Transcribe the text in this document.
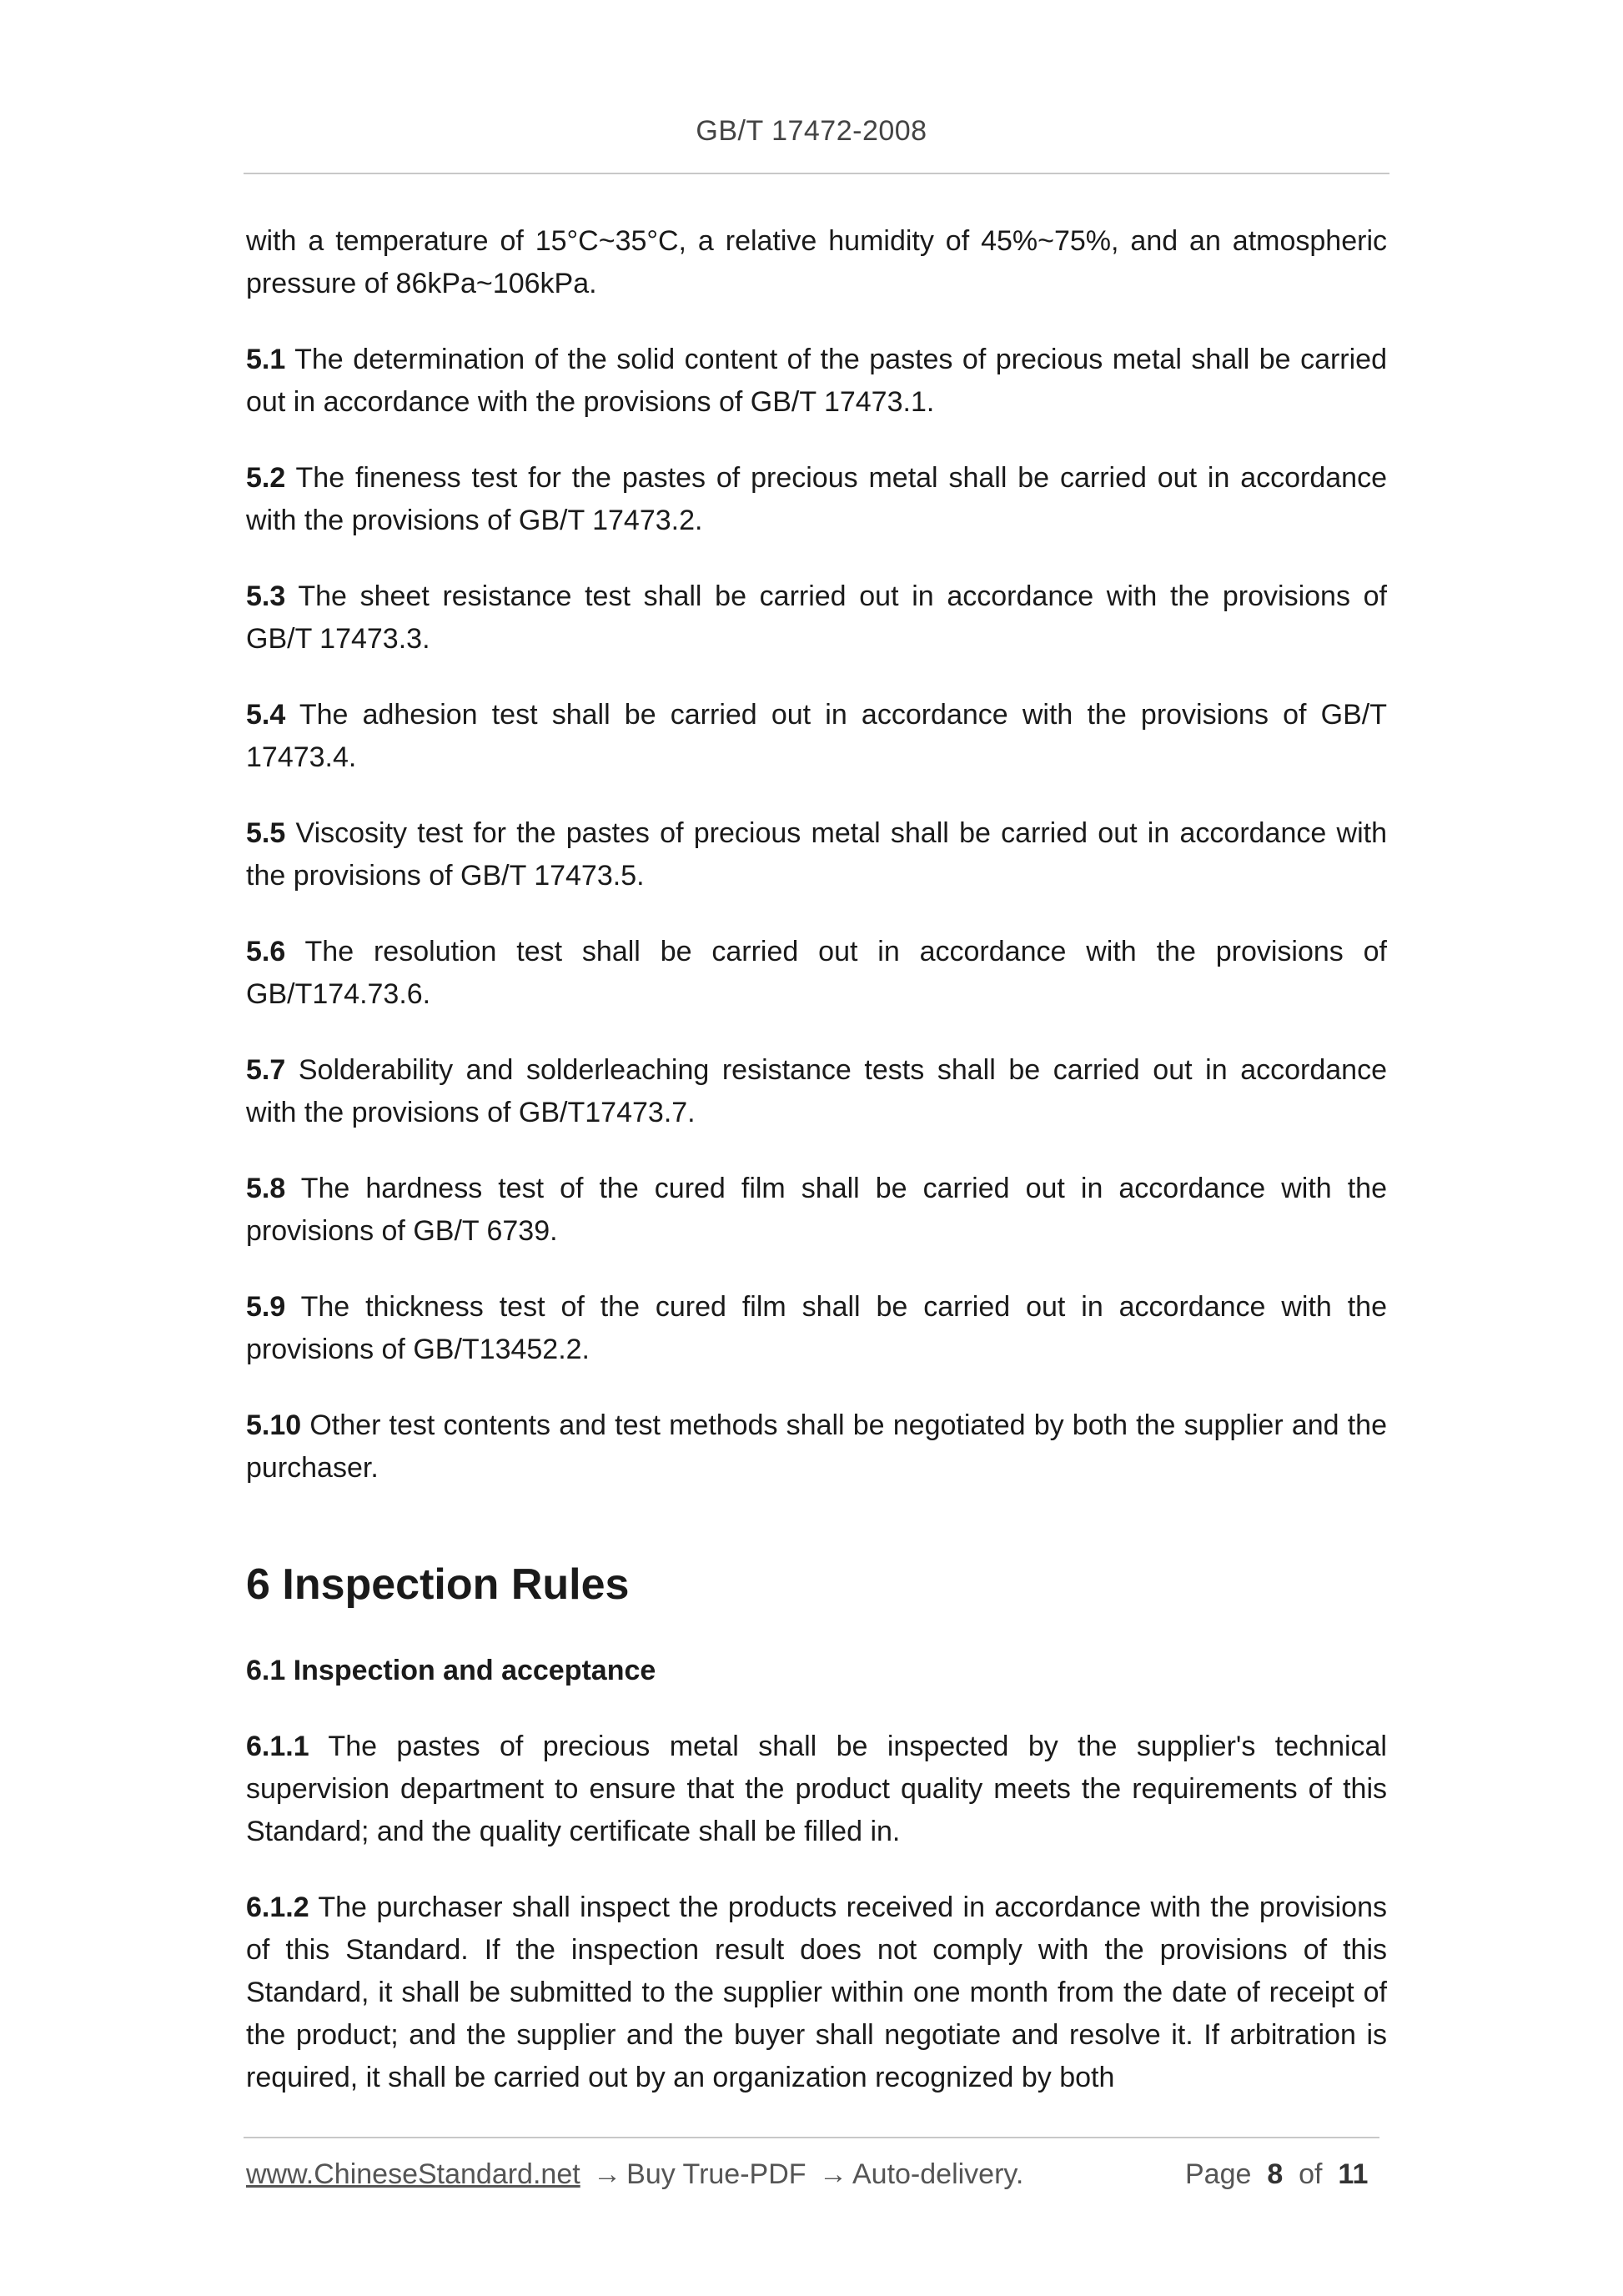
GB/T 17472-2008

with a temperature of 15°C~35°C, a relative humidity of 45%~75%, and an atmospheric pressure of 86kPa~106kPa.

5.1 The determination of the solid content of the pastes of precious metal shall be carried out in accordance with the provisions of GB/T 17473.1.

5.2 The fineness test for the pastes of precious metal shall be carried out in accordance with the provisions of GB/T 17473.2.

5.3 The sheet resistance test shall be carried out in accordance with the provisions of GB/T 17473.3.

5.4 The adhesion test shall be carried out in accordance with the provisions of GB/T 17473.4.

5.5 Viscosity test for the pastes of precious metal shall be carried out in accordance with the provisions of GB/T 17473.5.

5.6 The resolution test shall be carried out in accordance with the provisions of GB/T174.73.6.

5.7 Solderability and solderleaching resistance tests shall be carried out in accordance with the provisions of GB/T17473.7.

5.8 The hardness test of the cured film shall be carried out in accordance with the provisions of GB/T 6739.

5.9 The thickness test of the cured film shall be carried out in accordance with the provisions of GB/T13452.2.

5.10 Other test contents and test methods shall be negotiated by both the supplier and the purchaser.

6 Inspection Rules
6.1 Inspection and acceptance

6.1.1 The pastes of precious metal shall be inspected by the supplier's technical supervision department to ensure that the product quality meets the requirements of this Standard; and the quality certificate shall be filled in.

6.1.2 The purchaser shall inspect the products received in accordance with the provisions of this Standard. If the inspection result does not comply with the provisions of this Standard, it shall be submitted to the supplier within one month from the date of receipt of the product; and the supplier and the buyer shall negotiate and resolve it. If arbitration is required, it shall be carried out by an organization recognized by both

www.ChineseStandard.net → Buy True-PDF → Auto-delivery.	Page 8 of 11
